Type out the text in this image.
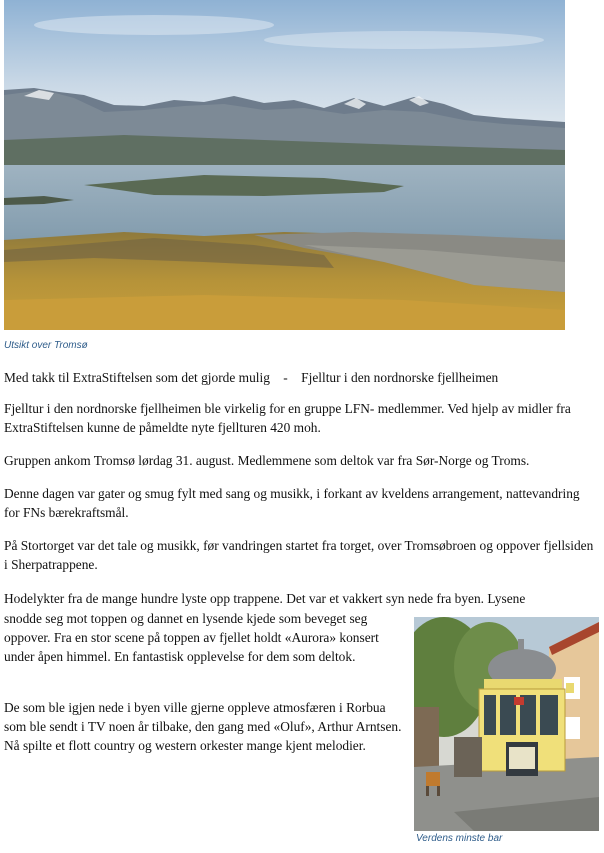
Utsikt over Tromsø

Med takk til ExtraStiftelsen som det gjorde mulig    -    Fjelltur i den nordnorske fjellheimen

Fjelltur i den nordnorske fjellheimen ble virkelig for en gruppe LFN- medlemmer. Ved hjelp av midler fra ExtraStiftelsen kunne de påmeldte nyte fjellturen 420 moh.

Gruppen ankom Tromsø lørdag 31. august. Medlemmene som deltok var fra Sør-Norge og Troms.

Denne dagen var gater og smug fylt med sang og musikk, i forkant av kveldens arrangement, nattevandring for FNs bærekraftsmål.

På Stortorget var det tale og musikk, før vandringen startet fra torget, over Tromsøbroen og oppover fjellsiden i Sherpatrappene.

Hodelykter fra de mange hundre lyste opp trappene. Det var et vakkert syn nede fra byen. Lysene

snodde seg mot toppen og dannet en lysende kjede som beveget seg oppover. Fra en stor scene på toppen av fjellet holdt «Aurora» konsert under åpen himmel. En fantastisk opplevelse for dem som deltok.

De som ble igjen nede i byen ville gjerne oppleve atmosfæren i Rorbua som ble sendt i TV noen år tilbake, den gang med «Oluf», Arthur Arntsen. Nå spilte et flott country og western orkester mange kjent melodier.

Verdens minste bar
